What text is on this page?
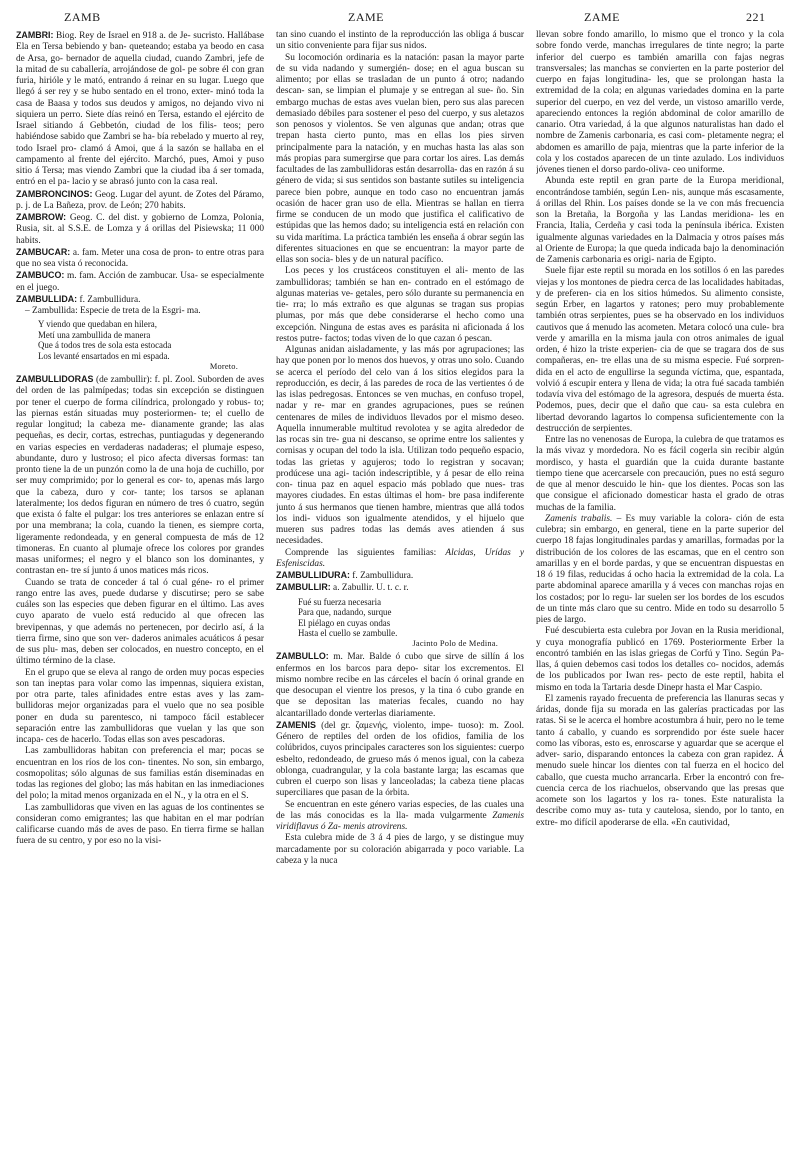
ZAMB	ZAME	ZAME	221

ZAMBRI: Biog. Rey de Israel en 918 a. de Je- sucristo. Hallábase Ela en Tersa bebiendo y ban- queteando; estaba ya beodo en casa de Arsa, go- bernador de aquella ciudad, cuando Zambri, jefe de la mitad de su caballería, arrojándose de gol- pe sobre él con gran furia, hirióle y le mató, entrando á reinar en su lugar. Luego que llegó á ser rey y se hubo sentado en el trono, exter- minó toda la casa de Baasa y todos sus deudos y amigos, no dejando vivo ni siquiera un perro. Siete días reinó en Tersa, estando el ejército de Israel sitiando á Gebbetón, ciudad de los filis- teos; pero habiéndose sabido que Zambri se ha- bía rebelado y muerto al rey, todo Israel pro- clamó á Amoi, que á la sazón se hallaba en el campamento al frente del ejército. Marchó, pues, Amoi y puso sitio á Tersa; mas viendo Zambri que la ciudad iba á ser tomada, entró en el pa- lacio y se abrasó junto con la casa real.

ZAMBRONCINOS: Geog. Lugar del ayunt. de Zotes del Páramo, p. j. de La Bañeza, prov. de León; 270 habits.

ZAMBROW: Geog. C. del dist. y gobierno de Lomza, Polonia, Rusia, sit. al S.S.E. de Lomza y á orillas del Pisiewska; 11 000 habits.

ZAMBUCAR: a. fam. Meter una cosa de pron- to entre otras para que no sea vista ó reconocida.

ZAMBUCO: m. fam. Acción de zambucar. Usa- se especialmente en el juego.

ZAMBULLIDA: f. Zambullidura.

– Zambullida: Especie de treta de la Esgri- ma.

Y viendo que quedaban en hilera,

Metí una zambullida de manera

Que á todos tres de sola esta estocada

Los levanté ensartados en mi espada.

Moreto.

ZAMBULLIDORAS (de zambullir): f. pl. Zool. Suborden de aves del orden de las palmípedas; todas sin excepción se distinguen por tener el cuerpo de forma cilíndrica, prolongado y robus- to; las piernas están situadas muy posteriormen- te; el cuello de regular longitud; la cabeza me- dianamente grande; las alas pequeñas, es decir, cortas, estrechas, puntiagudas y degenerando en varias especies en verdaderas nadaderas; el plumaje espeso, abundante, duro y lustroso; el pico afecta diversas formas: tan pronto tiene la de un punzón como la de una hoja de cuchillo, por ser muy comprimido; por lo general es cor- to, apenas más largo que la cabeza, duro y cor- tante; los tarsos se aplanan lateralmente; los dedos figuran en número de tres ó cuatro, según que exista ó falte el pulgar: los tres anteriores se enlazan entre sí por una membrana; la cola, cuando la tienen, es siempre corta, ligeramente redondeada, y en general compuesta de más de 12 timoneras. En cuanto al plumaje ofrece los colores por grandes masas uniformes; el negro y el blanco son los dominantes, y contrastan en- tre sí junto á unos matices más ricos.

Cuando se trata de conceder á tal ó cual géne- ro el primer rango entre las aves, puede dudarse y discutirse; pero se sabe cuáles son las especies que deben figurar en el último. Las aves cuyo aparato de vuelo está reducido al que ofrecen las brevipennas, y que además no pertenecen, por decirlo así, á la tierra firme, sino que son ver- daderos animales acuáticos á pesar de sus plu- mas, deben ser colocados, en nuestro concepto, en el último término de la clase.

En el grupo que se eleva al rango de orden muy pocas especies son tan ineptas para volar como las impennas, siquiera existan, por otra parte, tales afinidades entre estas aves y las zam- bullidoras mejor organizadas para el vuelo que no sea posible poner en duda su parentesco, ni tampoco fácil establecer separación entre las zambullidoras que vuelan y las que son incapa- ces de hacerlo. Todas ellas son aves pescadoras.

Las zambullidoras habitan con preferencia el mar; pocas se encuentran en los ríos de los con- tinentes. No son, sin embargo, cosmopolitas; sólo algunas de sus familias están diseminadas en todas las regiones del globo; las más habitan en las inmediaciones del polo; la mitad menos organizada en el N., y la otra en el S.

Las zambullidoras que viven en las aguas de los continentes se consideran como emigrantes; las que habitan en el mar podrían calificarse cuando más de aves de paso. En tierra firme se hallan fuera de su centro, y por eso no la visi-

tan sino cuando el instinto de la reproducción las obliga á buscar un sitio conveniente para fijar sus nidos.

Su locomoción ordinaria es la natación: pasan la mayor parte de su vida nadando y sumergién- dose; en el agua buscan su alimento; por ellas se trasladan de un punto á otro; nadando descan- san, se limpian el plumaje y se entregan al sue- ño. Sin embargo muchas de estas aves vuelan bien, pero sus alas parecen demasiado débiles para sostener el peso del cuerpo, y sus aletazos son penosos y violentos. Se ven algunas que andan; otras que trepan hasta cierto punto, mas en ellas los pies sirven principalmente para la natación, y en muchas hasta las alas son más propias para sumergirse que para cortar los aires. Las demás facultades de las zambullidoras están desarrolla- das en razón á su género de vida; si sus sentidos son bastante sutiles su inteligencia parece bien pobre, aunque en todo caso no encuentran jamás ocasión de hacer gran uso de ella. Mientras se hallan en tierra firme se conducen de un modo que justifica el calificativo de estúpidas que las hemos dado; su inteligencia está en relación con su vida marítima. La práctica también les enseña á obrar según las diferentes situaciones en que se encuentran: la mayor parte de ellas son socia- bles y de un natural pacífico.

Los peces y los crustáceos constituyen el ali- mento de las zambullidoras; también se han en- contrado en el estómago de algunas materias ve- getales, pero sólo durante su permanencia en tie- rra; lo más extraño es que algunas se tragan sus propias plumas, por más que debe considerarse el hecho como una excepción. Ninguna de estas aves es parásita ni aficionada á los restos putre- factos; todas viven de lo que cazan ó pescan.

Algunas anidan aisladamente, y las más por agrupaciones; las hay que ponen por lo menos dos huevos, y otras uno solo. Cuando se acerca el período del celo van á los sitios elegidos para la reproducción, es decir, á las paredes de roca de las vertientes ó de las islas pedregosas. Entonces se ven muchas, en confuso tropel, nadar y re- mar en grandes agrupaciones, pues se reúnen centenares de miles de individuos llevados por el mismo deseo. Aquella innumerable multitud revolotea y se agita alrededor de las rocas sin tre- gua ni descanso, se oprime entre los salientes y cornisas y ocupan del todo la isla. Utilizan todo pequeño espacio, todas las grietas y agujeros; todo lo registran y socavan; prodúcese una agi- tación indescriptible, y á pesar de ello reina con- tinua paz en aquel espacio más poblado que nues- tras mayores ciudades. En estas últimas el hom- bre pasa indiferente junto á sus hermanos que tienen hambre, mientras que allá todos los indi- viduos son igualmente atendidos, y el hijuelo que mueren sus padres todas las demás aves atienden á sus necesidades.

Comprende las siguientes familias: Alcidas, Urídas y Esfeniscidas.

ZAMBULLIDURA: f. Zambullidura.

ZAMBULLIR: a. Zabullir. U. t. c. r.

Fué su fuerza necesaria

Para que, nadando, surque

El piélago en cuyas ondas

Hasta el cuello se zambulle.

Jacinto Polo de Medina.

ZAMBULLO: m. Mar. Balde ó cubo que sirve de sillín á los enfermos en los barcos para depo- sitar los excrementos. El mismo nombre recibe en las cárceles el bacín ó orinal grande en que desocupan el vientre los presos, y la tina ó cubo grande en que se depositan las materias fecales, cuando no hay alcantarillado donde verterlas diariamente.

ZAMENIS (del gr. ζαμενής, violento, impe- tuoso): m. Zool. Género de reptiles del orden de los ofidios, familia de los colúbridos, cuyos principales caracteres son los siguientes: cuerpo esbelto, redondeado, de grueso más ó menos igual, con la cabeza oblonga, cuadrangular, y la cola bastante larga; las escamas que cubren el cuerpo son lisas y lanceoladas; la cabeza tiene placas superciliares que pasan de la órbita.

Se encuentran en este género varias especies, de las cuales una de las más conocidas es la lla- mada vulgarmente Zamenis viridiflavus ó Za- menis atrovirens.

Esta culebra mide de 3 á 4 pies de largo, y se distingue muy marcadamente por su coloración abigarrada y poco variable. La cabeza y la nuca

llevan sobre fondo amarillo, lo mismo que el tronco y la cola sobre fondo verde, manchas irregulares de tinte negro; la parte inferior del cuerpo es también amarilla con fajas negras transversales; las manchas se convierten en la parte posterior del cuerpo en fajas longitudina- les, que se prolongan hasta la extremidad de la cola; en algunas variedades domina en la parte superior del cuerpo, en vez del verde, un vistoso amarillo verde, apareciendo entonces la región abdominal de color amarillo de canario. Otra variedad, á la que algunos naturalistas han dado el nombre de Zamenis carbonaria, es casi com- pletamente negra; el abdomen es amarillo de paja, mientras que la parte inferior de la cola y los costados aparecen de un tinte azulado. Los individuos jóvenes tienen el dorso pardo-oliva- ceo uniforme.

Abunda este reptil en gran parte de la Europa meridional, encontrándose también, según Len- nis, aunque más escasamente, á orillas del Rhin. Los países donde se la ve con más frecuencia son la Bretaña, la Borgoña y las Landas meridiona- les en Francia, Italia, Cerdeña y casi toda la península ibérica. Existen igualmente algunas variedades en la Dalmacia y otros países más al Oriente de Europa; la que queda indicada bajo la denominación de Zamenis carbonaria es origi- naria de Egipto.

Suele fijar este reptil su morada en los sotillos ó en las paredes viejas y los montones de piedra cerca de las localidades habitadas, y de preferen- cia en los sitios húmedos. Su alimento consiste, según Erber, en lagartos y ratones; pero muy probablemente también otras serpientes, pues se ha observado en los individuos cautivos que á menudo las acometen. Metara colocó una cule- bra verde y amarilla en la misma jaula con otros animales de igual orden, é hizo la triste experien- cia de que se tragara dos de sus compañeras, en- tre ellas una de su misma especie. Fué sorpren- dida en el acto de engullirse la segunda víctima, que, espantada, volvió á escupir entera y llena de vida; la otra fué sacada también todavía viva del estómago de la agresora, después de muerta ésta. Podemos, pues, decir que el daño que cau- sa esta culebra en libertad devorando lagartos lo compensa suficientemente con la destrucción de serpientes.

Entre las no venenosas de Europa, la culebra de que tratamos es la más vivaz y mordedora. No es fácil cogerla sin recibir algún mordisco, y hasta el guardián que la cuida durante bastante tiempo tiene que acercarsele con precaución, pues no está seguro de que al menor descuido le hin- que los dientes. Pocas son las que consigue el aficionado domesticar hasta el grado de otras muchas de la familia.

Zamenis trabalis. – Es muy variable la colora- ción de esta culebra; sin embargo, en general, tiene en la parte superior del cuerpo 18 fajas longitudinales pardas y amarillas, formadas por la distribución de los colores de las escamas, que en el centro son amarillas y en el borde pardas, y que se encuentran dispuestas en 18 ó 19 filas, reducidas á ocho hacia la extremidad de la cola. La parte abdominal aparece amarilla y á veces con manchas rojas en los costados; por lo regu- lar suelen ser los bordes de los escudos de un tinte más claro que su centro. Mide en todo su desarrollo 5 pies de largo.

Fué descubierta esta culebra por Jovan en la Rusia meridional, y cuya monografía publicó en 1769. Posteriormente Erber la encontró también en las islas griegas de Corfú y Tino. Según Pa- llas, á quien debemos casi todos los detalles co- nocidos, además de los publicados por Iwan res- pecto de este reptil, habita el mismo en toda la Tartaria desde Dinepr hasta el Mar Caspio.

El zamenis rayado frecuenta de preferencia las llanuras secas y áridas, donde fija su morada en las galerías practicadas por las ratas. Si se le acerca el hombre acostumbra á huir, pero no le teme tanto á caballo, y cuando es sorprendido por éste suele hacer como las víboras, esto es, enroscarse y aguardar que se acerque el adver- sario, disparando entonces la cabeza con gran rapidez. Á menudo suele hincar los dientes con tal fuerza en el hocico del caballo, que cuesta mucho arrancarla. Erber la encontró con fre- cuencia cerca de los riachuelos, observando que las presas que acomete son los lagartos y los ra- tones. Este naturalista la describe como muy as- tuta y cautelosa, siendo, por lo tanto, en extre- mo difícil apoderarse de ella. «En cautividad,
